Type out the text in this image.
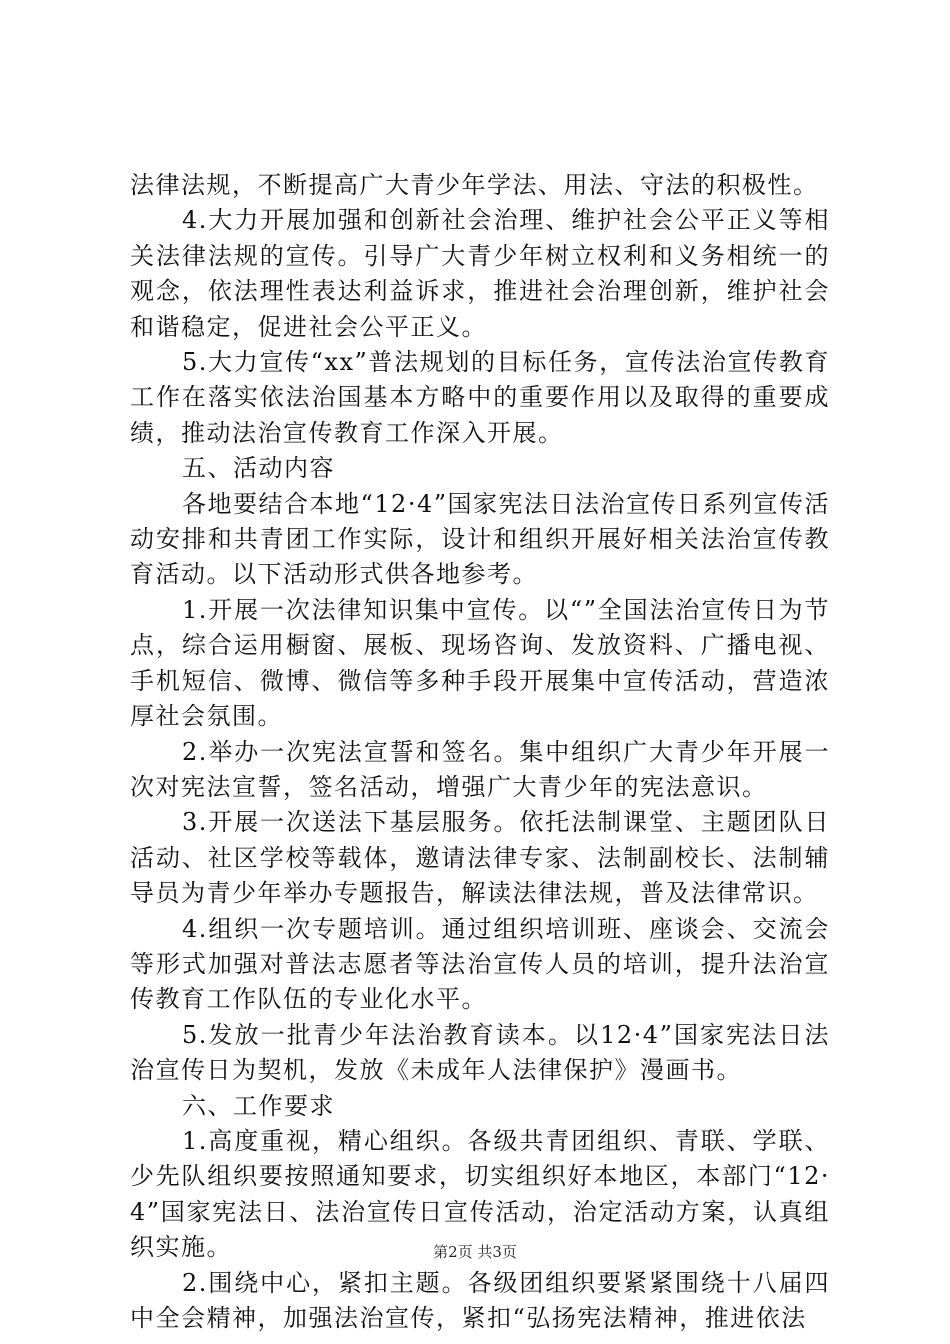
法律法规，不断提高广大青少年学法、用法、守法的积极性。

4.大力开展加强和创新社会治理、维护社会公平正义等相关法律法规的宣传。引导广大青少年树立权利和义务相统一的观念，依法理性表达利益诉求，推进社会治理创新，维护社会和谐稳定，促进社会公平正义。

5.大力宣传“xx”普法规划的目标任务，宣传法治宣传教育工作在落实依法治国基本方略中的重要作用以及取得的重要成绩，推动法治宣传教育工作深入开展。

五、活动内容

各地要结合本地“12·4”国家宪法日法治宣传日系列宣传活动安排和共青团工作实际，设计和组织开展好相关法治宣传教育活动。以下活动形式供各地参考。

1.开展一次法律知识集中宣传。以“”全国法治宣传日为节点，综合运用橱窗、展板、现场咨询、发放资料、广播电视、手机短信、微博、微信等多种手段开展集中宣传活动，营造浓厚社会氛围。

2.举办一次宪法宣誓和签名。集中组织广大青少年开展一次对宪法宣誓，签名活动，增强广大青少年的宪法意识。

3.开展一次送法下基层服务。依托法制课堂、主题团队日活动、社区学校等载体，邀请法律专家、法制副校长、法制辅导员为青少年举办专题报告，解读法律法规，普及法律常识。

4.组织一次专题培训。通过组织培训班、座谈会、交流会等形式加强对普法志愿者等法治宣传人员的培训，提升法治宣传教育工作队伍的专业化水平。

5.发放一批青少年法治教育读本。以12·4”国家宪法日法治宣传日为契机，发放《未成年人法律保护》漫画书。

六、工作要求

1.高度重视，精心组织。各级共青团组织、青联、学联、少先队组织要按照通知要求，切实组织好本地区，本部门“12·4”国家宪法日、法治宣传日宣传活动，治定活动方案，认真组织实施。

2.围绕中心，紧扣主题。各级团组织要紧紧围绕十八届四中全会精神，加强法治宣传，紧扣“弘扬宪法精神，推进依法

第2页 共3页
